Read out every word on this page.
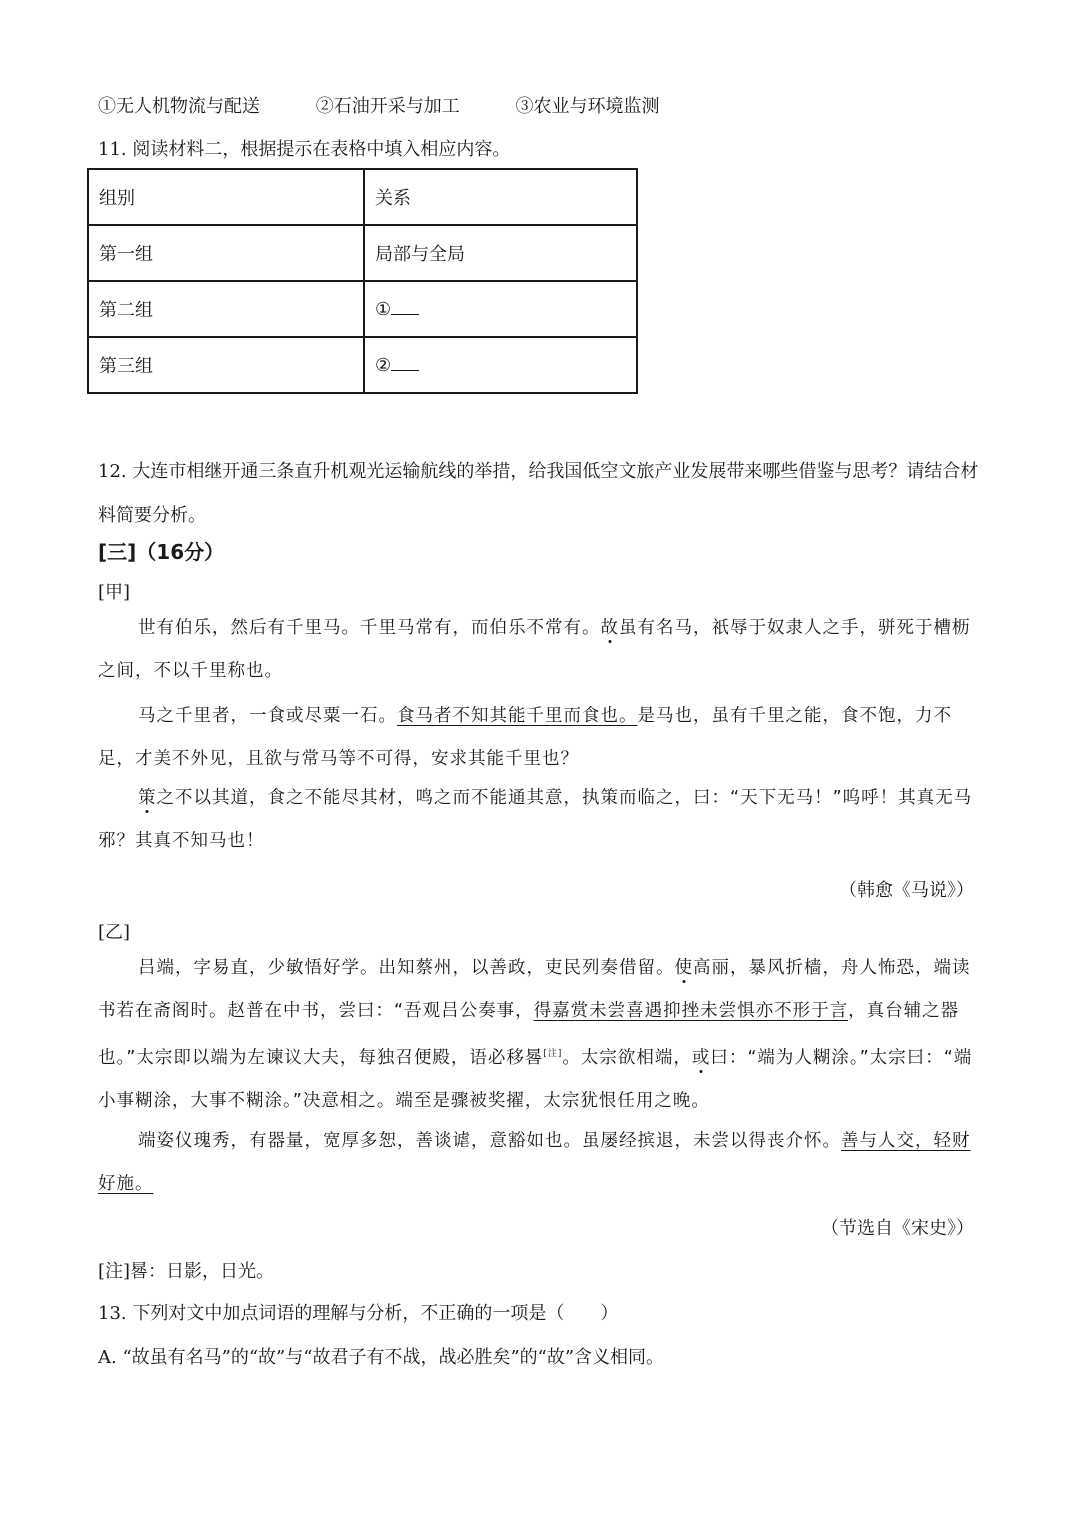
①无人机物流与配送	②石油开采与加工	③农业与环境监测
11. 阅读材料二，根据提示在表格中填入相应内容。
组别	关系
第一组	局部与全局
第二组	①
第三组	②
12. 大连市相继开通三条直升机观光运输航线的举措，给我国低空文旅产业发展带来哪些借鉴与思考？请结合材料简要分析。
[三]（16分）
[甲]
世有伯乐，然后有千里马。千里马常有，而伯乐不常有。故虽有名马，祇辱于奴隶人之手，骈死于槽枥之间，不以千里称也。
马之千里者，一食或尽粟一石。食马者不知其能千里而食也。是马也，虽有千里之能，食不饱，力不足，才美不外见，且欲与常马等不可得，安求其能千里也？
策之不以其道，食之不能尽其材，鸣之而不能通其意，执策而临之，曰：“天下无马！”呜呼！其真无马邪？其真不知马也！
（韩愈《马说》）
[乙]
吕端，字易直，少敏悟好学。出知蔡州，以善政，吏民列奏借留。使高丽，暴风折樯，舟人怖恐，端读书若在斋阁时。赵普在中书，尝曰：“吾观吕公奏事，得嘉赏未尝喜遇抑挫未尝惧亦不形于言，真台辅之器也。”太宗即以端为左谏议大夫，每独召便殿，语必移晷[注]。太宗欲相端，或曰：“端为人糊涂。”太宗曰：“端小事糊涂，大事不糊涂。”决意相之。端至是骤被奖擢，太宗犹恨任用之晚。
端姿仪瑰秀，有器量，宽厚多恕，善谈谑，意豁如也。虽屡经摈退，未尝以得丧介怀。善与人交，轻财好施。
（节选自《宋史》）
[注]晷：日影，日光。
13. 下列对文中加点词语的理解与分析，不正确的一项是（　　）
A. “故虽有名马”的“故”与“故君子有不战，战必胜矣”的“故”含义相同。
